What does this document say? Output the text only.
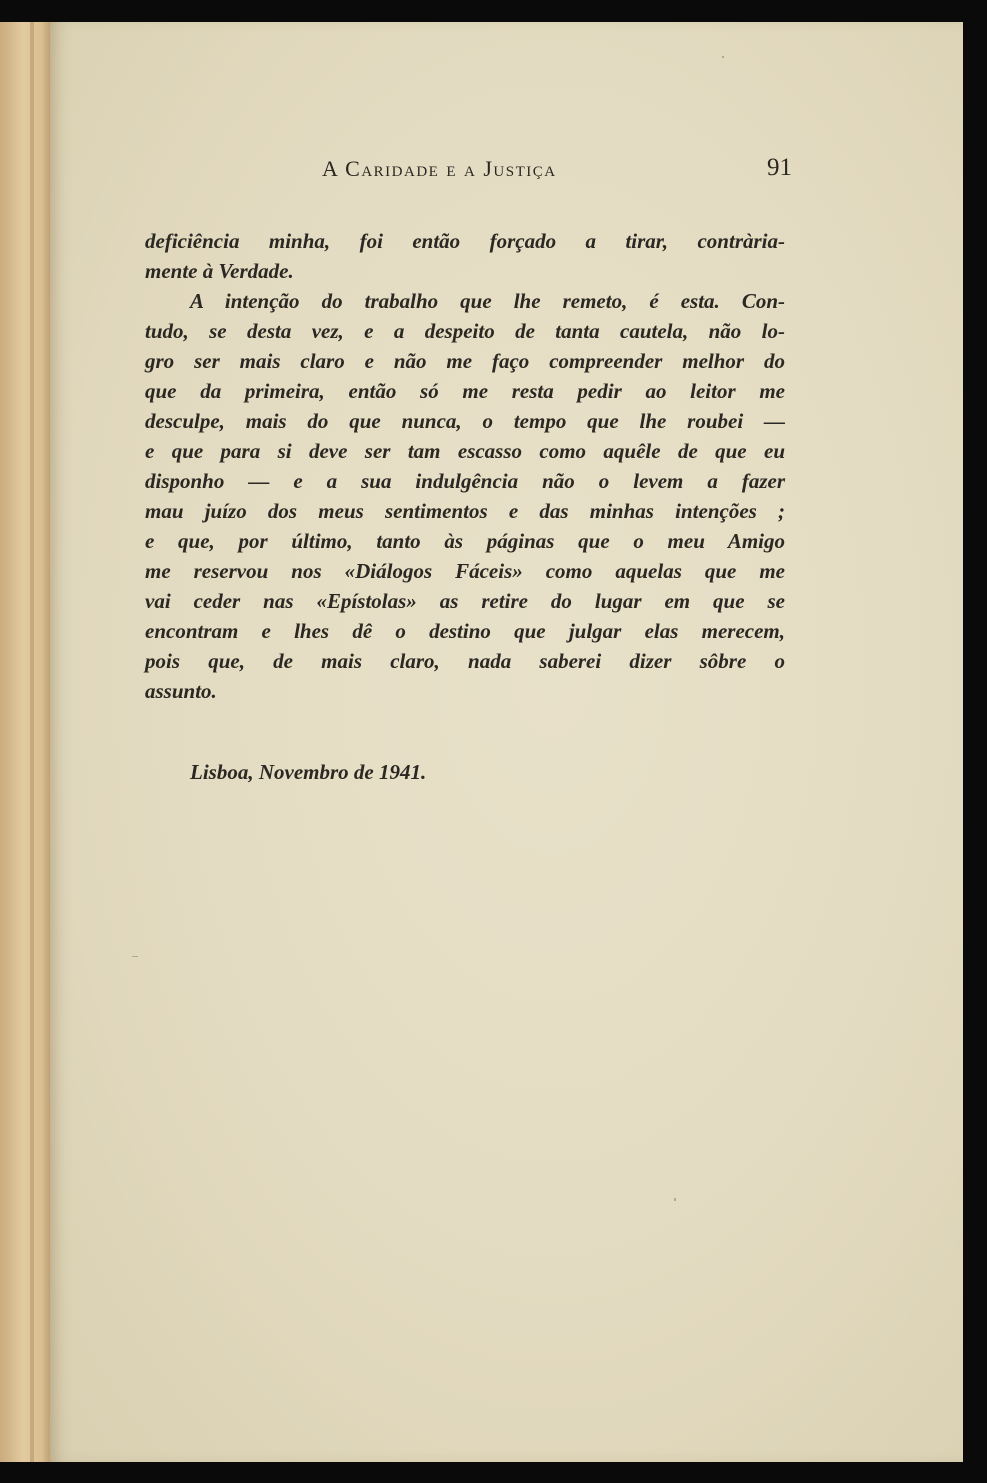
A Caridade e a Justiça	91
deficiência minha, foi então forçado a tirar, contrària-
mente à Verdade.
A intenção do trabalho que lhe remeto, é esta. Con-
tudo, se desta vez, e a despeito de tanta cautela, não lo-
gro ser mais claro e não me faço compreender melhor do
que da primeira, então só me resta pedir ao leitor me
desculpe, mais do que nunca, o tempo que lhe roubei —
e que para si deve ser tam escasso como aquêle de que eu
disponho — e a sua indulgência não o levem a fazer
mau juízo dos meus sentimentos e das minhas intenções ;
e que, por último, tanto às páginas que o meu Amigo
me reservou nos «Diálogos Fáceis» como aquelas que me
vai ceder nas «Epístolas» as retire do lugar em que se
encontram e lhes dê o destino que julgar elas merecem,
pois que, de mais claro, nada saberei dizer sôbre o
assunto.
Lisboa, Novembro de 1941.
